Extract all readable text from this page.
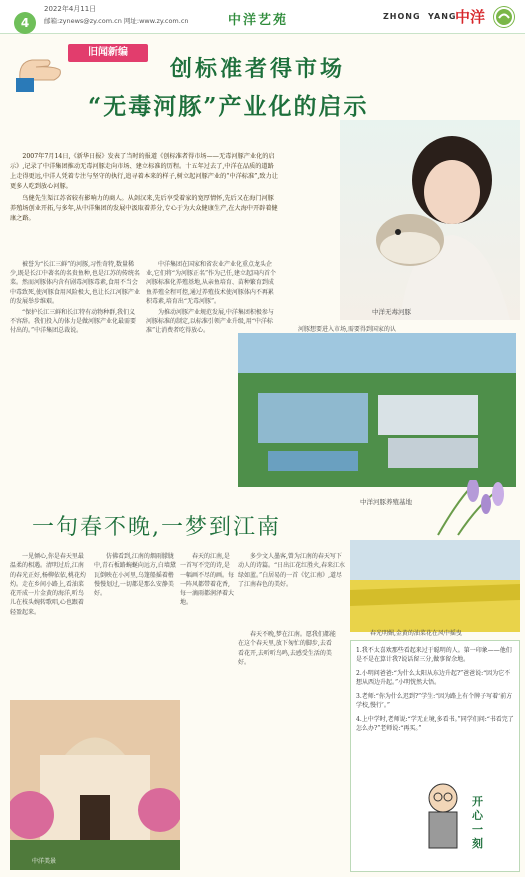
4
2022年4月11日
邮箱:zynews@zy.com.cn 网址:www.zy.com.cn	中洋艺苑	ZHONG YANG
中洋
旧闻新编
创标准者得市场
“无毒河豚”产业化的启示

2007年7月14日,《新华日报》发表了当时的报道《创标准者得市场——无毒河豚产业化的启示》,记录了中洋集团推动无毒河豚走向市场、建立标准的历程。十五年过去了,中洋在品质的道路上走得更远,中洋人凭着专注与坚守的执行,追寻着本来的样子,树立起河豚产业的“中洋标准”,致力让更多人吃到放心河豚。

鸟健先生渠江苏省较有影响力的商人。从剑汉来,先后享受着家的宽厚情怀,先后又在海门河豚养殖场创业开拓,与多年,从中洋集团的发展中汲取着养分,专心于为大众健康生产,在大海中开辟着健康之路。

被誉为“长江三鲜”的河豚,习性奇特,数量稀少,既是长江中著名的名贵鱼种,也是江苏的传统名菜。然而河豚体内含有剧毒河豚毒素,食用不当会中毒致死,使河豚食用风险极大,也让长江河豚产业的发展举步维艰。

“保护长江三鲜和长江特有动物种群,我们义不容辞。我们投入的体力是做河豚产业化最需要付出的。”中洋集团总裁说。

中洋集团在国家和省农业产业化重点龙头企业,它们将“为河豚正名”作为己任,建立起国内首个河豚标准化养殖基地,从亲鱼培育、苗种繁育到成鱼养殖全程可控,通过养殖技术使河豚体内不再累积毒素,培育出“无毒河豚”。

为推动河豚产业规范发展,中洋集团积极参与河豚标准的制定,以标准引领产业升级,用“中洋标准”让消费者吃得放心。	河豚想要进入市场,需要得到国家的认

中洋无毒河豚
中洋河豚养殖基地
一句春不晚,一梦到江南

一见倾心,你是春天里最温柔的相遇。清明过后,江南的春光正好,杨柳依依,桃花灼灼。走在乡间小路上,看油菜花开成一片金黄的海洋,听鸟儿在枝头婉转歌唱,心也跟着轻盈起来。

仿佛看到,江南的烟雨朦胧中,青石板路蜿蜒向远方,白墙黛瓦倒映在小河里,乌篷船摇着橹慢慢划过,一切都是那么安静美好。

春天的江南,是一首写不完的诗,是一幅画不尽的画。每一阵风都带着花香,每一滴雨都润泽着大地。

多少文人墨客,曾为江南的春天写下动人的诗篇。“日出江花红胜火,春来江水绿如蓝。”白居易的一首《忆江南》,道尽了江南春色的美好。

春天不晚,梦在江南。愿我们都能在这个春天里,放下匆忙的脚步,去看看花开,去听听鸟鸣,去感受生活的美好。

春光明媚,金黄的油菜花在风中摇曳
中洋美景

1.我不太喜欢那些看起来过于聪明的人。第一印象——他们是不是在算计我?说话留三分,做事留余地。

2.小明问爸爸:“为什么太阳从东边升起?”爸爸说:“因为它不想从西边升起。”小明恍然大悟。

3.老师:“你为什么迟到?”学生:“因为路上有个牌子写着‘前方学校,慢行’。”

4.上中学时,老师说:“学无止境,多看书。”同学们问:“书看完了怎么办?”老师说:“再买。”

开心一刻
